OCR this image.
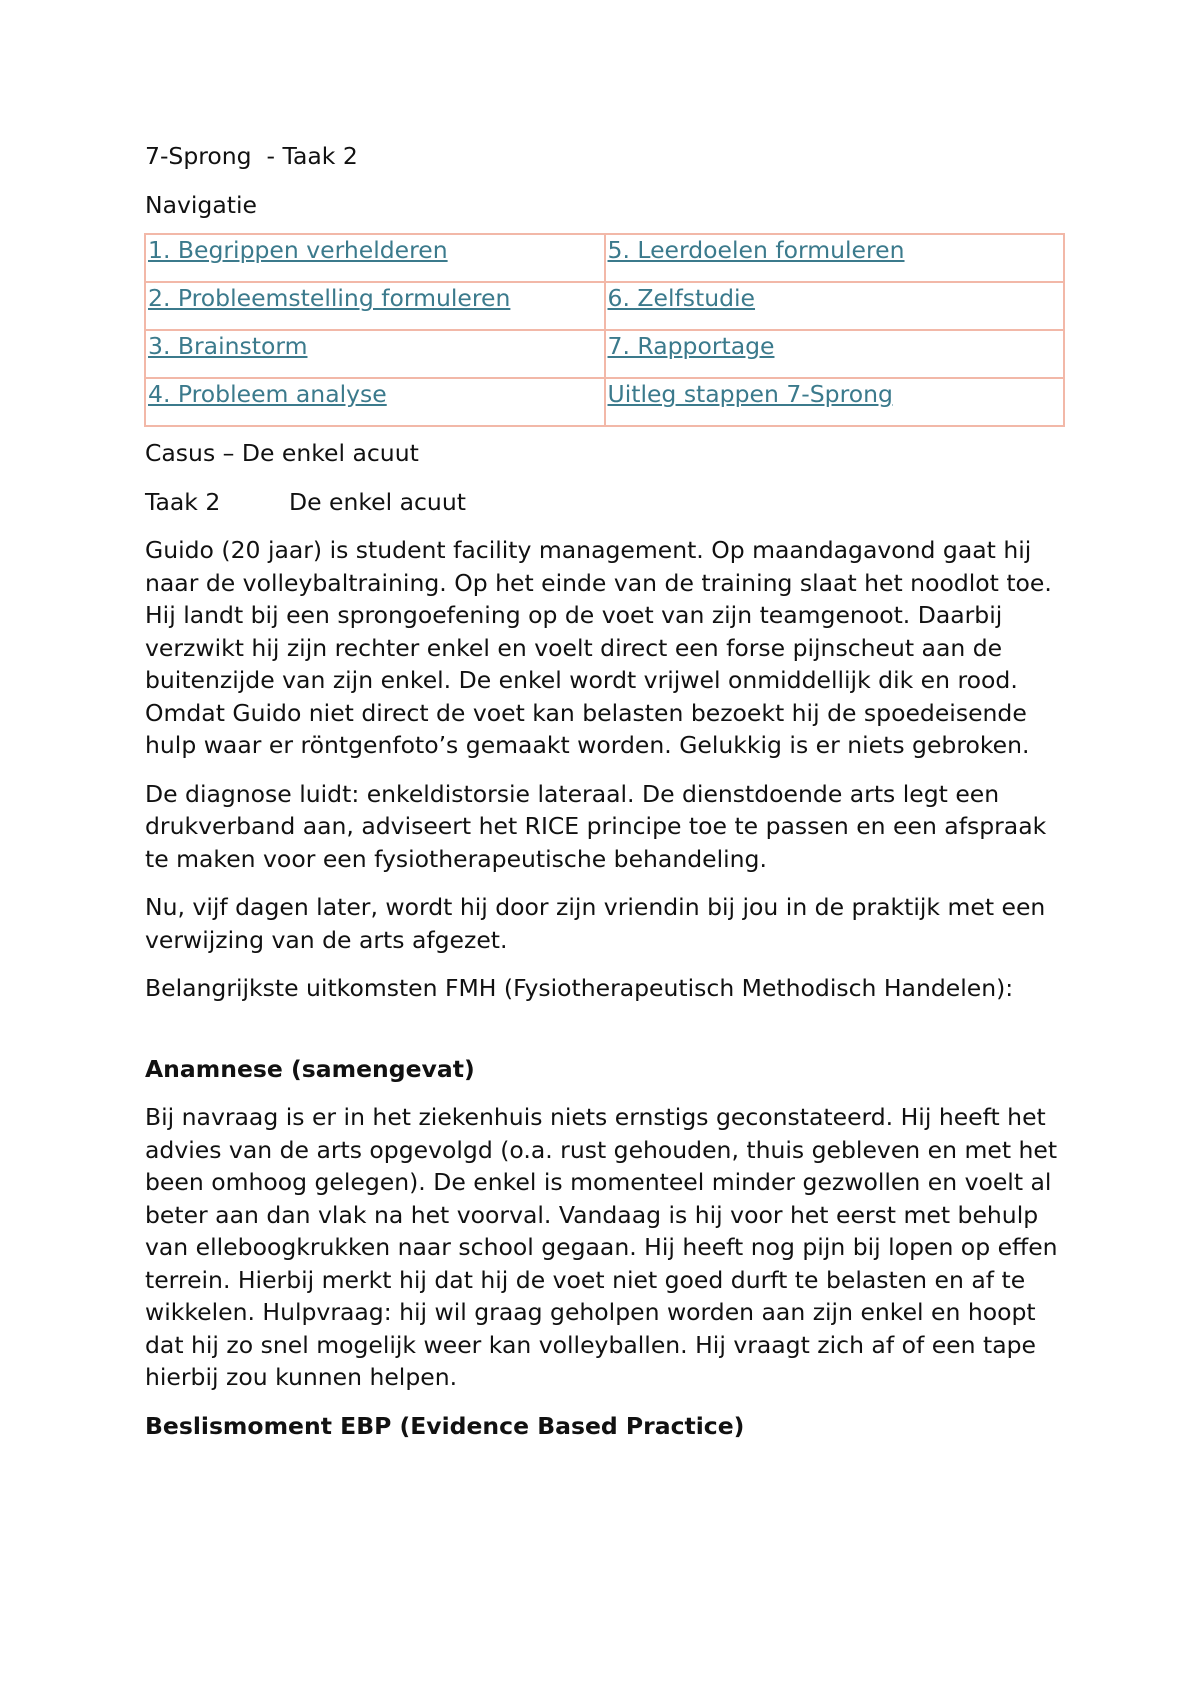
7-Sprong  - Taak 2
Navigatie
1. Begrippen verhelderen	5. Leerdoelen formuleren
2. Probleemstelling formuleren	6. Zelfstudie
3. Brainstorm	7. Rapportage
4. Probleem analyse	Uitleg stappen 7-Sprong
Casus – De enkel acuut
Taak 2	De enkel acuut
Guido (20 jaar) is student facility management. Op maandagavond gaat hij naar de volleybaltraining. Op het einde van de training slaat het noodlot toe. Hij landt bij een sprongoefening op de voet van zijn teamgenoot. Daarbij verzwikt hij zijn rechter enkel en voelt direct een forse pijnscheut aan de buitenzijde van zijn enkel. De enkel wordt vrijwel onmiddellijk dik en rood. Omdat Guido niet direct de voet kan belasten bezoekt hij de spoedeisende hulp waar er röntgenfoto’s gemaakt worden. Gelukkig is er niets gebroken.
De diagnose luidt: enkeldistorsie lateraal. De dienstdoende arts legt een drukverband aan, adviseert het RICE principe toe te passen en een afspraak te maken voor een fysiotherapeutische behandeling.
Nu, vijf dagen later, wordt hij door zijn vriendin bij jou in de praktijk met een verwijzing van de arts afgezet.
Belangrijkste uitkomsten FMH (Fysiotherapeutisch Methodisch Handelen):
Anamnese (samengevat)
Bij navraag is er in het ziekenhuis niets ernstigs geconstateerd. Hij heeft het advies van de arts opgevolgd (o.a. rust gehouden, thuis gebleven en met het been omhoog gelegen). De enkel is momenteel minder gezwollen en voelt al beter aan dan vlak na het voorval. Vandaag is hij voor het eerst met behulp van elleboogkrukken naar school gegaan. Hij heeft nog pijn bij lopen op effen terrein. Hierbij merkt hij dat hij de voet niet goed durft te belasten en af te wikkelen. Hulpvraag: hij wil graag geholpen worden aan zijn enkel en hoopt dat hij zo snel mogelijk weer kan volleyballen. Hij vraagt zich af of een tape hierbij zou kunnen helpen.
Beslismoment EBP (Evidence Based Practice)
